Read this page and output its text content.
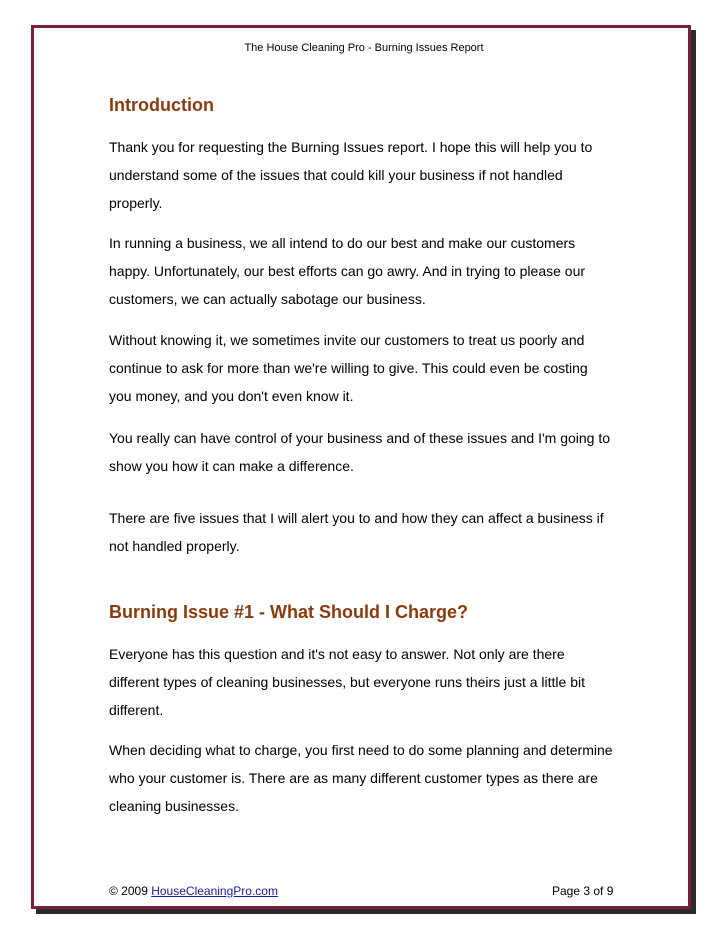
The House Cleaning Pro - Burning Issues Report
Introduction
Thank you for requesting the Burning Issues report. I hope this will help you to
understand some of the issues that could kill your business if not handled
properly.
In running a business, we all intend to do our best and make our customers
happy. Unfortunately, our best efforts can go awry. And in trying to please our
customers, we can actually sabotage our business.
Without knowing it, we sometimes invite our customers to treat us poorly and
continue to ask for more than we're willing to give. This could even be costing
you money, and you don't even know it.
You really can have control of your business and of these issues and I'm going to
show you how it can make a difference.
There are five issues that I will alert you to and how they can affect a business if
not handled properly.
Burning Issue #1 - What Should I Charge?
Everyone has this question and it's not easy to answer. Not only are there
different types of cleaning businesses, but everyone runs theirs just a little bit
different.
When deciding what to charge, you first need to do some planning and determine
who your customer is. There are as many different customer types as there are
cleaning businesses.
© 2009 HouseCleaningPro.com	Page 3 of 9
